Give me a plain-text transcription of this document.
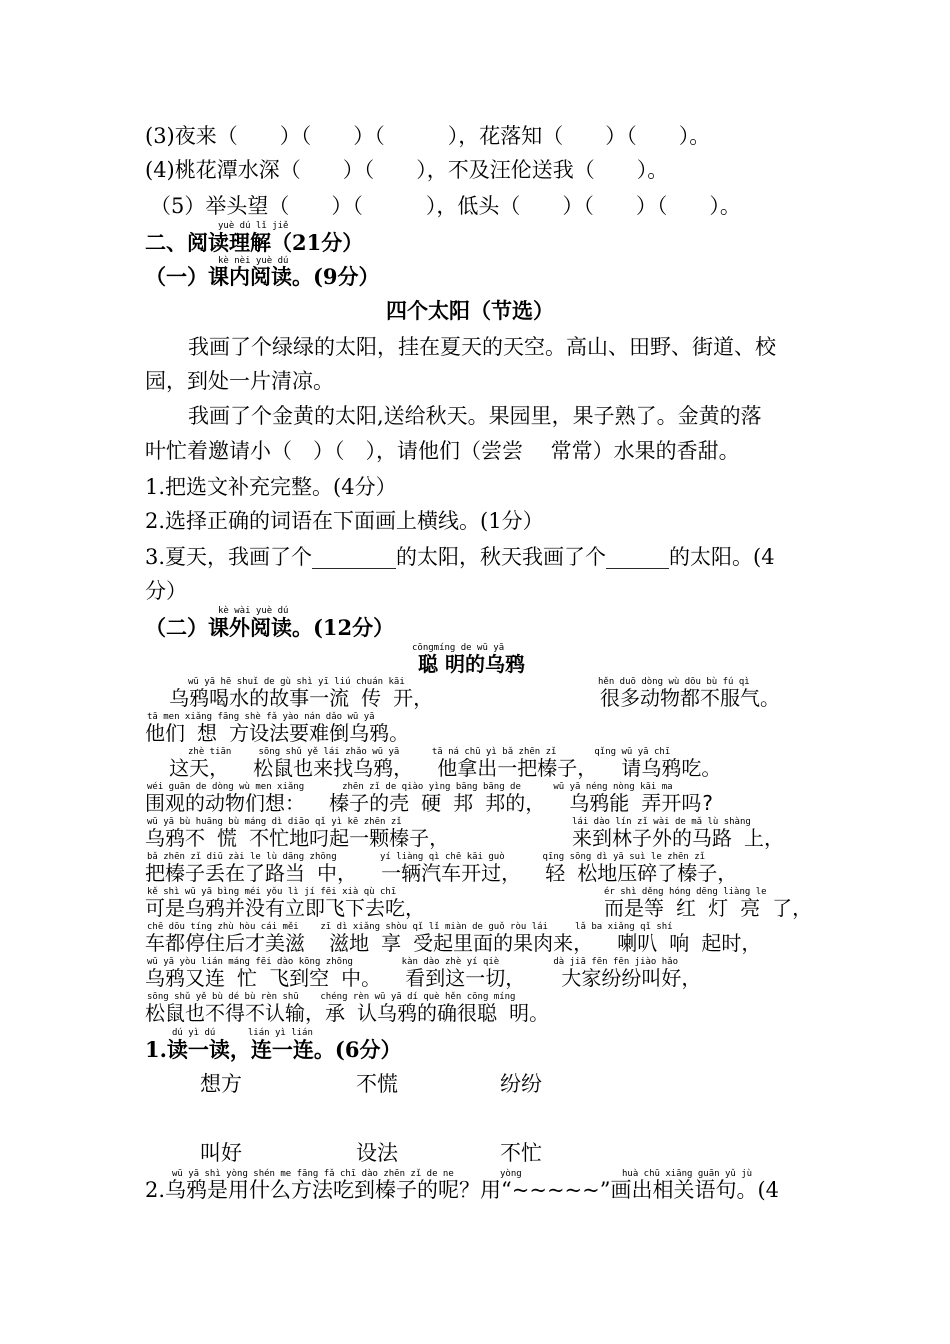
(3)夜来（　　）（　　）（　　　），花落知（　　）（　　）。
(4)桃花潭水深（　　）（　　），不及汪伦送我（　　）。
（5）举头望（　　）（　　　），低头（　　）（　　）（　　）。
yuè dú lǐ jiě
二、阅读理解（21分）
kè nèi yuè dú
（一）课内阅读。(9分）
四个太阳（节选）
我画了个绿绿的太阳，挂在夏天的天空。高山、田野、街道、校
园，到处一片清凉。
我画了个金黄的太阳,送给秋天。果园里，果子熟了。金黄的落
叶忙着邀请小（　）（　），请他们（尝尝　 常常）水果的香甜。
1.把选文补充完整。(4分）
2.选择正确的词语在下面画上横线。(1分）
3.夏天，我画了个________的太阳，秋天我画了个______的太阳。(4
分）
kè wài yuè dú
（二）课外阅读。(12分）
cōngmíng de wū yā
聪 明的乌鸦
wū yā hē shuǐ de gù shì yī liú chuán kāi	hěn duō dòng wù dōu bù fú qì
乌鸦喝水的故事一流 传 开，	很多动物都不服气。
tā men xiǎng fāng shè fǎ yào nán dǎo wū yā
他们 想 方设法要难倒乌鸦。
zhè tiān     sōng shǔ yě lái zhǎo wū yā      tā ná chū yì bǎ zhēn zǐ       qǐng wū yā chī
这天，  松鼠也来找乌鸦，  他拿出一把榛子，  请乌鸦吃。
wéi guān de dòng wù men xiǎng       zhēn zǐ de qiào yìng bāng bāng de      wū yā néng nòng kāi ma
围观的动物们想：  榛子的壳 硬 邦 邦的，  乌鸦能 弄开吗?
wū yā bù huāng bù máng dì diāo qǐ yì kē zhēn zǐ	lái dào lín zǐ wài de mǎ lù shàng
乌鸦不 慌 不忙地叼起一颗榛子，	来到林子外的马路 上，
bǎ zhēn zǐ diū zài le lù dāng zhōng        yí liàng qì chē kāi guò       qīng sōng dì yā suì le zhēn zǐ
把榛子丢在了路当 中，  一辆汽车开过，  轻 松地压碎了榛子，
kě shì wū yā bìng méi yǒu lì jí fēi xià qù chī	ér shì děng hóng dēng liàng le
可是乌鸦并没有立即飞下去吃，	而是等 红 灯 亮 了，
chē dōu tíng zhù hòu cái měi    zī dì xiǎng shòu qǐ lǐ miàn de guǒ ròu lái     lǎ ba xiǎng qǐ shí
车都停住后才美滋  滋地 享 受起里面的果肉来，  喇叭 响 起时，
wū yā yòu lián máng fēi dào kōng zhōng         kàn dào zhè yí qiè          dà jiā fēn fēn jiào hǎo
乌鸦又连 忙 飞到空 中。  看到这一切，   大家纷纷叫好，
sōng shǔ yě bù dé bù rèn shū    chéng rèn wū yā dí què hěn cōng míng
松鼠也不得不认输，承 认乌鸦的确很聪 明。
dú yì dú      lián yì lián
1.读一读，连一连。(6分）
想方	不慌	纷纷
叫好	设法	不忙
wū yā shì yòng shén me fāng fǎ chī dào zhēn zǐ de ne	yòng	huà chū xiāng guān yǔ jù
2.乌鸦是用什么方法吃到榛子的呢？用“~~~~~”画出相关语句。(4
